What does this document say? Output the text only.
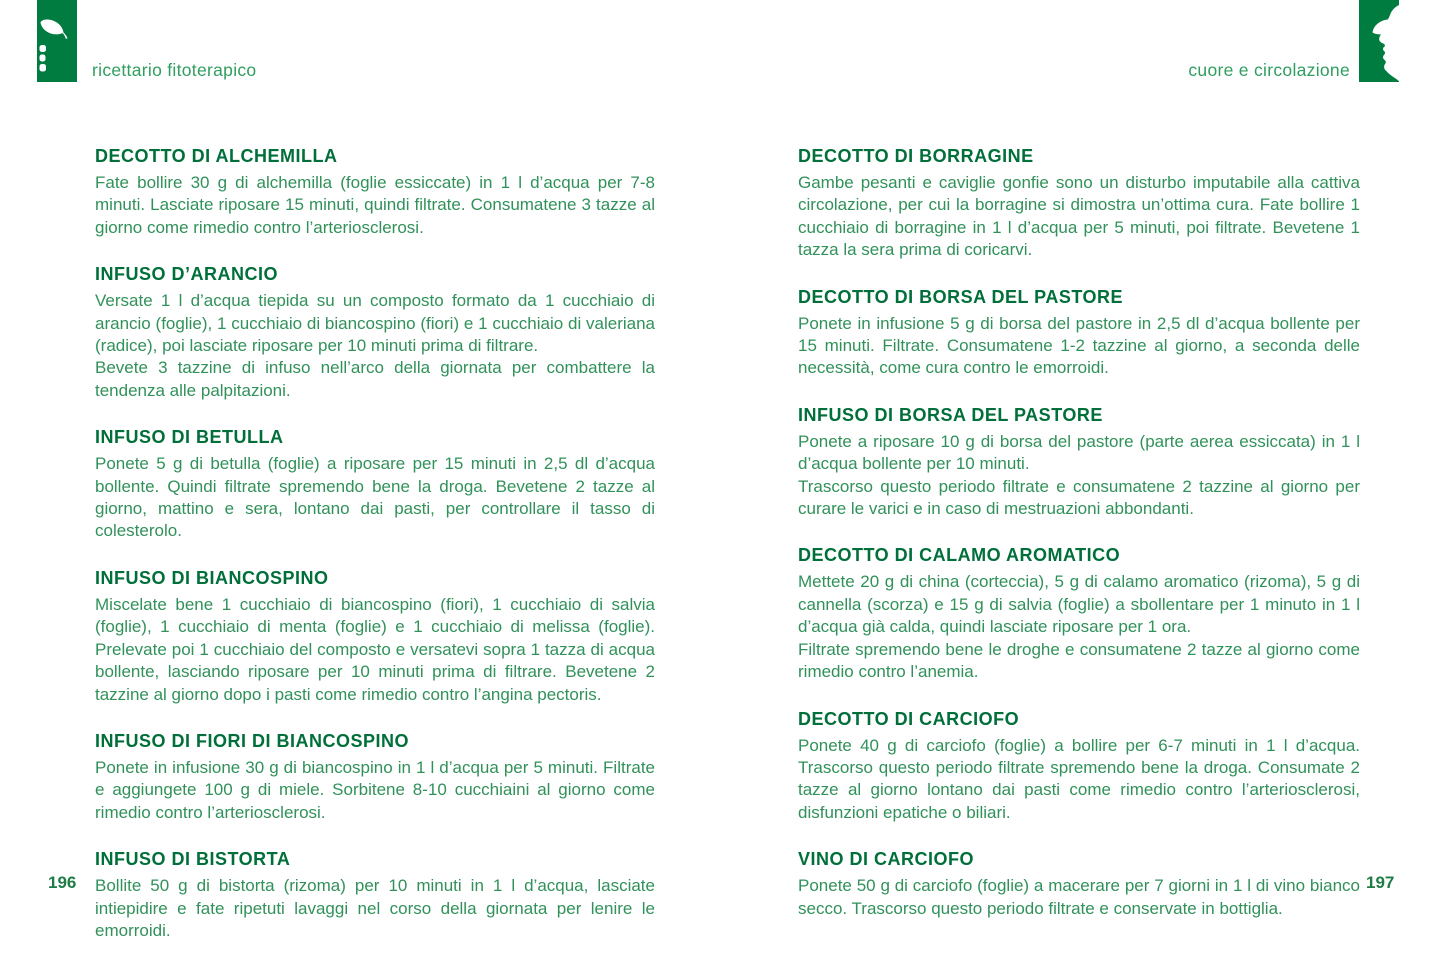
ricettario fitoterapico	cuore e circolazione
DECOTTO DI ALCHEMILLA

Fate bollire 30 g di alchemilla (foglie essiccate) in 1 l d’acqua per 7-8 minuti. Lasciate riposare 15 minuti, quindi filtrate. Consumatene 3 tazze al giorno come rimedio contro l’arteriosclerosi.

INFUSO D’ARANCIO

Versate 1 l d’acqua tiepida su un composto formato da 1 cucchiaio di arancio (foglie), 1 cucchiaio di biancospino (fiori) e 1 cucchiaio di valeriana (radice), poi lasciate riposare per 10 minuti prima di filtrare.

Bevete 3 tazzine di infuso nell’arco della giornata per combattere la tendenza alle palpitazioni.

INFUSO DI BETULLA

Ponete 5 g di betulla (foglie) a riposare per 15 minuti in 2,5 dl d’acqua bollente. Quindi filtrate spremendo bene la droga. Bevetene 2 tazze al giorno, mattino e sera, lontano dai pasti, per controllare il tasso di colesterolo.

INFUSO DI BIANCOSPINO

Miscelate bene 1 cucchiaio di biancospino (fiori), 1 cucchiaio di salvia (foglie), 1 cucchiaio di menta (foglie) e 1 cucchiaio di melissa (foglie). Prelevate poi 1 cucchiaio del composto e versatevi sopra 1 tazza di acqua bollente, lasciando riposare per 10 minuti prima di filtrare. Bevetene 2 tazzine al giorno dopo i pasti come rimedio contro l’angina pectoris.

INFUSO DI FIORI DI BIANCOSPINO

Ponete in infusione 30 g di biancospino in 1 l d’acqua per 5 minuti. Filtrate e aggiungete 100 g di miele. Sorbitene 8-10 cucchiaini al giorno come rimedio contro l’arteriosclerosi.

INFUSO DI BISTORTA

Bollite 50 g di bistorta (rizoma) per 10 minuti in 1 l d’acqua, lasciate intiepidire e fate ripetuti lavaggi nel corso della giornata per lenire le emorroidi.

DECOTTO DI BORRAGINE

Gambe pesanti e caviglie gonfie sono un disturbo imputabile alla cattiva circolazione, per cui la borragine si dimostra un’ottima cura. Fate bollire 1 cucchiaio di borragine in 1 l d’acqua per 5 minuti, poi filtrate. Bevetene 1 tazza la sera prima di coricarvi.

DECOTTO DI BORSA DEL PASTORE

Ponete in infusione 5 g di borsa del pastore in 2,5 dl d’acqua bollente per 15 minuti. Filtrate. Consumatene 1-2 tazzine al giorno, a seconda delle necessità, come cura contro le emorroidi.

INFUSO DI BORSA DEL PASTORE

Ponete a riposare 10 g di borsa del pastore (parte aerea essiccata) in 1 l d’acqua bollente per 10 minuti.

Trascorso questo periodo filtrate e consumatene 2 tazzine al giorno per curare le varici e in caso di mestruazioni abbondanti.

DECOTTO DI CALAMO AROMATICO

Mettete 20 g di china (corteccia), 5 g di calamo aromatico (rizoma), 5 g di cannella (scorza) e 15 g di salvia (foglie) a sbollentare per 1 minuto in 1 l d’acqua già calda, quindi lasciate riposare per 1 ora.

Filtrate spremendo bene le droghe e consumatene 2 tazze al giorno come rimedio contro l’anemia.

DECOTTO DI CARCIOFO

Ponete 40 g di carciofo (foglie) a bollire per 6-7 minuti in 1 l d’acqua. Trascorso questo periodo filtrate spremendo bene la droga. Consumate 2 tazze al giorno lontano dai pasti come rimedio contro l’arteriosclerosi, disfunzioni epatiche o biliari.

VINO DI CARCIOFO

Ponete 50 g di carciofo (foglie) a macerare per 7 giorni in 1 l di vino bianco secco. Trascorso questo periodo filtrate e conservate in bottiglia.

196	197
